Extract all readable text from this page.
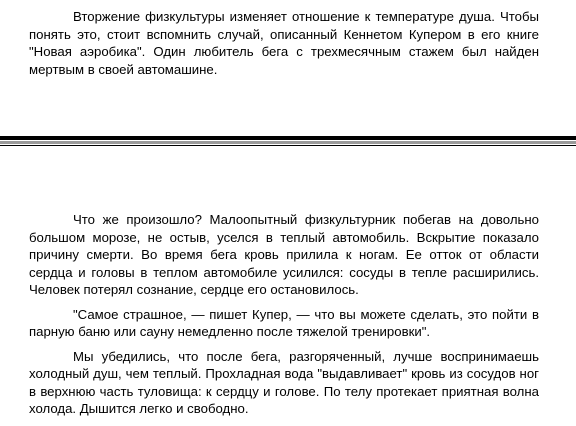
Вторжение физкультуры изменяет отношение к температуре душа. Чтобы понять это, стоит вспомнить случай, описанный Кеннетом Купером в его книге "Новая аэробика". Один любитель бега с трехмесячным стажем был найден мертвым в своей автомашине.

Что же произошло? Малоопытный физкультурник побегав на довольно большом морозе, не остыв, уселся в теплый автомобиль. Вскрытие показало причину смерти. Во время бега кровь прилила к ногам. Ее отток от области сердца и головы в теплом автомобиле усилился: сосуды в тепле расширились. Человек потерял сознание, сердце его остановилось.

"Самое страшное, — пишет Купер, — что вы можете сделать, это пойти в парную баню или сауну немедленно после тяжелой тренировки".

Мы убедились, что после бега, разгоряченный, лучше воспринимаешь холодный душ, чем теплый. Прохладная вода "выдавливает" кровь из сосудов ног в верхнюю часть туловища: к сердцу и голове. По телу протекает приятная волна холода. Дышится легко и свободно.
